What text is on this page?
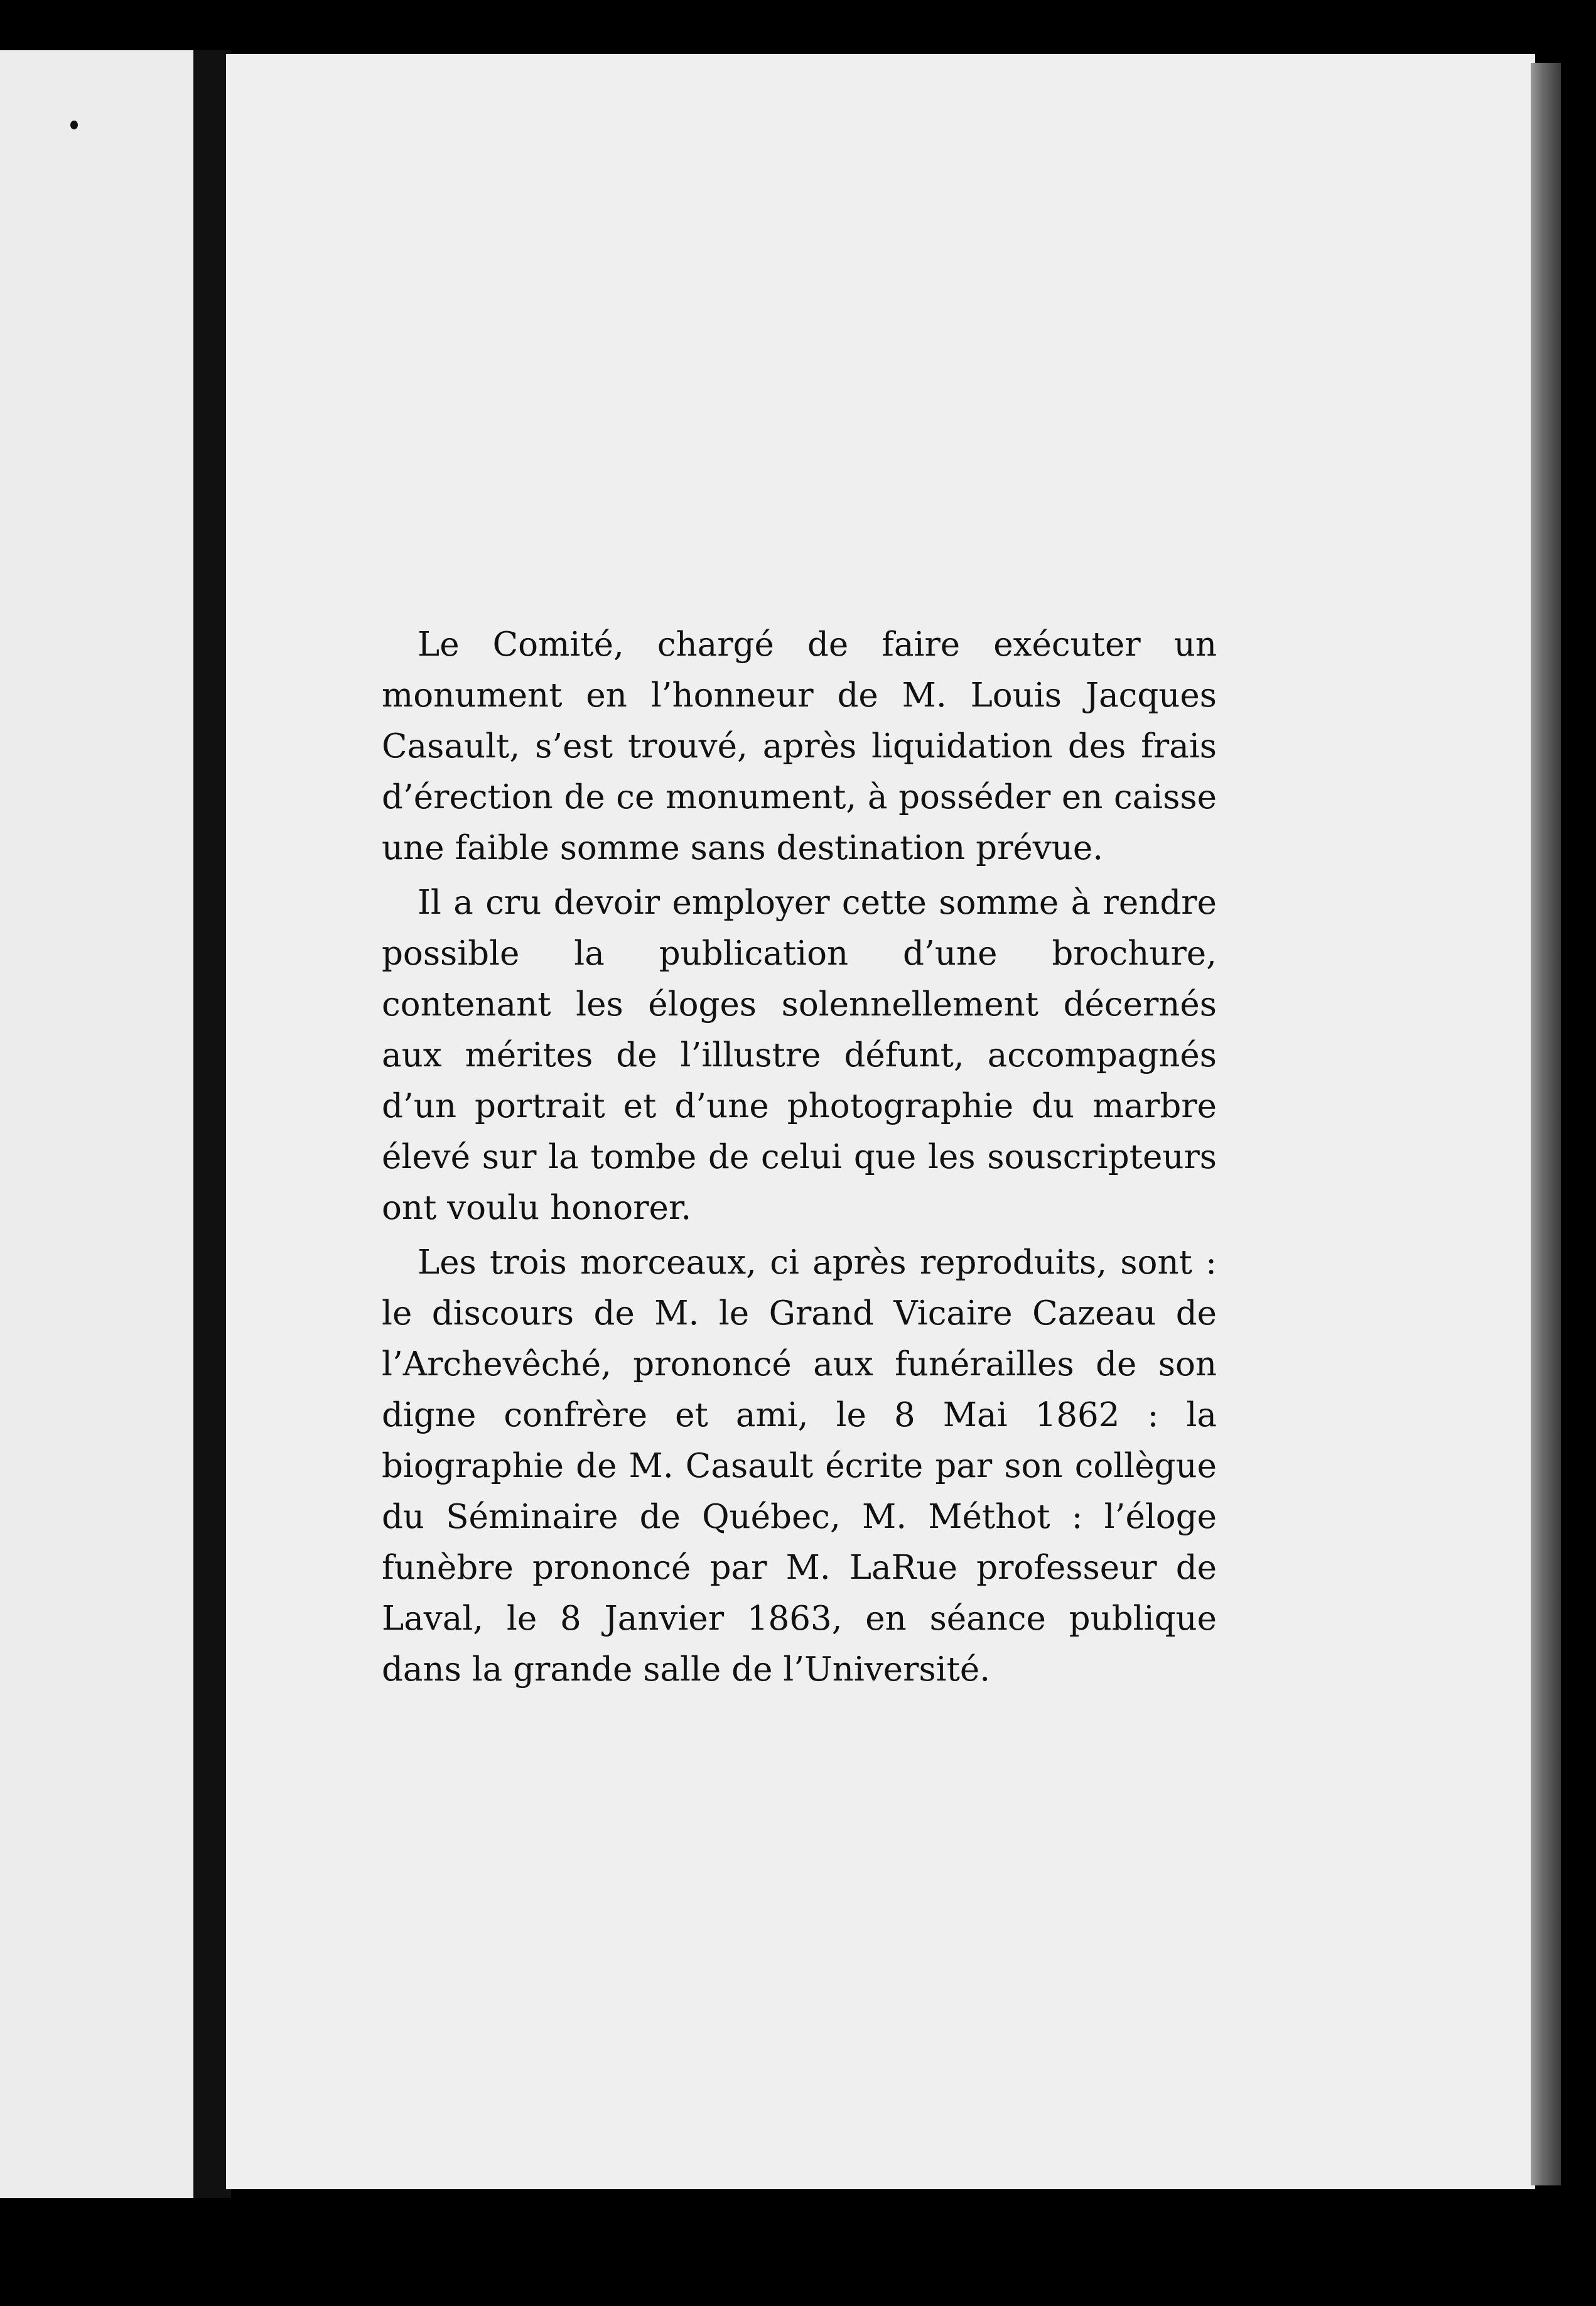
Le Comité, chargé de faire exécuter un monument en l’honneur de M. Louis Jacques Casault, s’est trouvé, après liquidation des frais d’érection de ce monument, à posséder en caisse une faible somme sans destination prévue.

Il a cru devoir employer cette somme à rendre possible la publication d’une brochure, contenant les éloges solennellement décernés aux mérites de l’illustre défunt, accompagnés d’un portrait et d’une photographie du marbre élevé sur la tombe de celui que les souscripteurs ont voulu honorer.

Les trois morceaux, ci après reproduits, sont : le discours de M. le Grand Vicaire Cazeau de l’Archevêché, prononcé aux funérailles de son digne confrère et ami, le 8 Mai 1862 : la biographie de M. Casault écrite par son collègue du Séminaire de Québec, M. Méthot : l’éloge funèbre prononcé par M. LaRue professeur de Laval, le 8 Janvier 1863, en séance publique dans la grande salle de l’Université.
